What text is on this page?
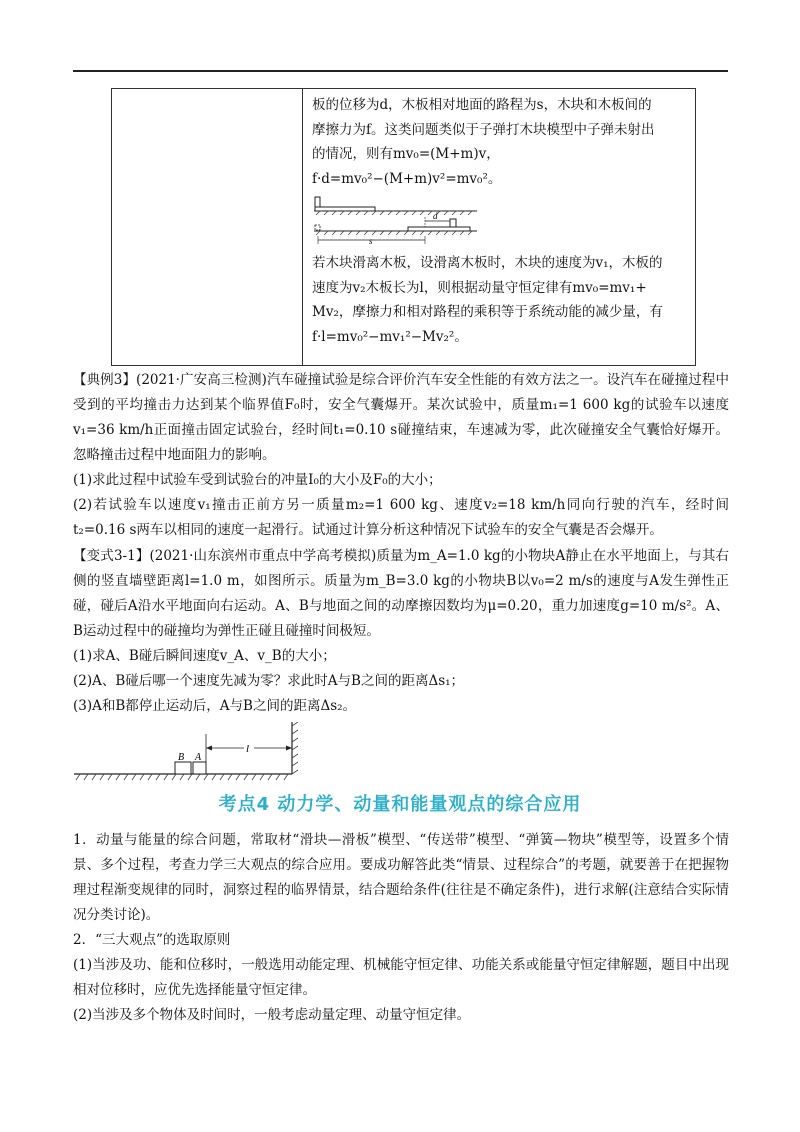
板的位移为d，木板相对地面的路程为s，木块和木板间的
摩擦力为f。这类问题类似于子弹打木块模型中子弹未射出
的情况，则有mv₀=(M+m)v，
f·d=mv₀²−(M+m)v²=mv₀²。
d
s
若木块滑离木板，设滑离木板时，木块的速度为v₁，木板的
速度为v₂木板长为l，则根据动量守恒定律有mv₀=mv₁+
Mv₂，摩擦力和相对路程的乘积等于系统动能的减少量，有
f·l=mv₀²−mv₁²−Mv₂²。

【典例3】(2021·广安高三检测)汽车碰撞试验是综合评价汽车安全性能的有效方法之一。设汽车在碰撞过程中受到的平均撞击力达到某个临界值F₀时，安全气囊爆开。某次试验中，质量m₁=1 600 kg的试验车以速度v₁=36 km/h正面撞击固定试验台，经时间t₁=0.10 s碰撞结束，车速减为零，此次碰撞安全气囊恰好爆开。忽略撞击过程中地面阻力的影响。

(1)求此过程中试验车受到试验台的冲量I₀的大小及F₀的大小；

(2)若试验车以速度v₁撞击正前方另一质量m₂=1 600 kg、速度v₂=18 km/h同向行驶的汽车，经时间t₂=0.16 s两车以相同的速度一起滑行。试通过计算分析这种情况下试验车的安全气囊是否会爆开。

【变式3-1】(2021·山东滨州市重点中学高考模拟)质量为m_A=1.0 kg的小物块A静止在水平地面上，与其右侧的竖直墙壁距离l=1.0 m，如图所示。质量为m_B=3.0 kg的小物块B以v₀=2 m/s的速度与A发生弹性正碰，碰后A沿水平地面向右运动。A、B与地面之间的动摩擦因数均为μ=0.20，重力加速度g=10 m/s²。A、B运动过程中的碰撞均为弹性正碰且碰撞时间极短。

(1)求A、B碰后瞬间速度v_A、v_B的大小；

(2)A、B碰后哪一个速度先减为零？求此时A与B之间的距离Δs₁；

(3)A和B都停止运动后，A与B之间的距离Δs₂。

B A
l
考点4 动力学、动量和能量观点的综合应用

1．动量与能量的综合问题，常取材“滑块—滑板”模型、“传送带”模型、“弹簧—物块”模型等，设置多个情景、多个过程，考查力学三大观点的综合应用。要成功解答此类“情景、过程综合”的考题，就要善于在把握物理过程渐变规律的同时，洞察过程的临界情景，结合题给条件(往往是不确定条件)，进行求解(注意结合实际情况分类讨论)。

2．“三大观点”的选取原则

(1)当涉及功、能和位移时，一般选用动能定理、机械能守恒定律、功能关系或能量守恒定律解题，题目中出现相对位移时，应优先选择能量守恒定律。

(2)当涉及多个物体及时间时，一般考虑动量定理、动量守恒定律。
